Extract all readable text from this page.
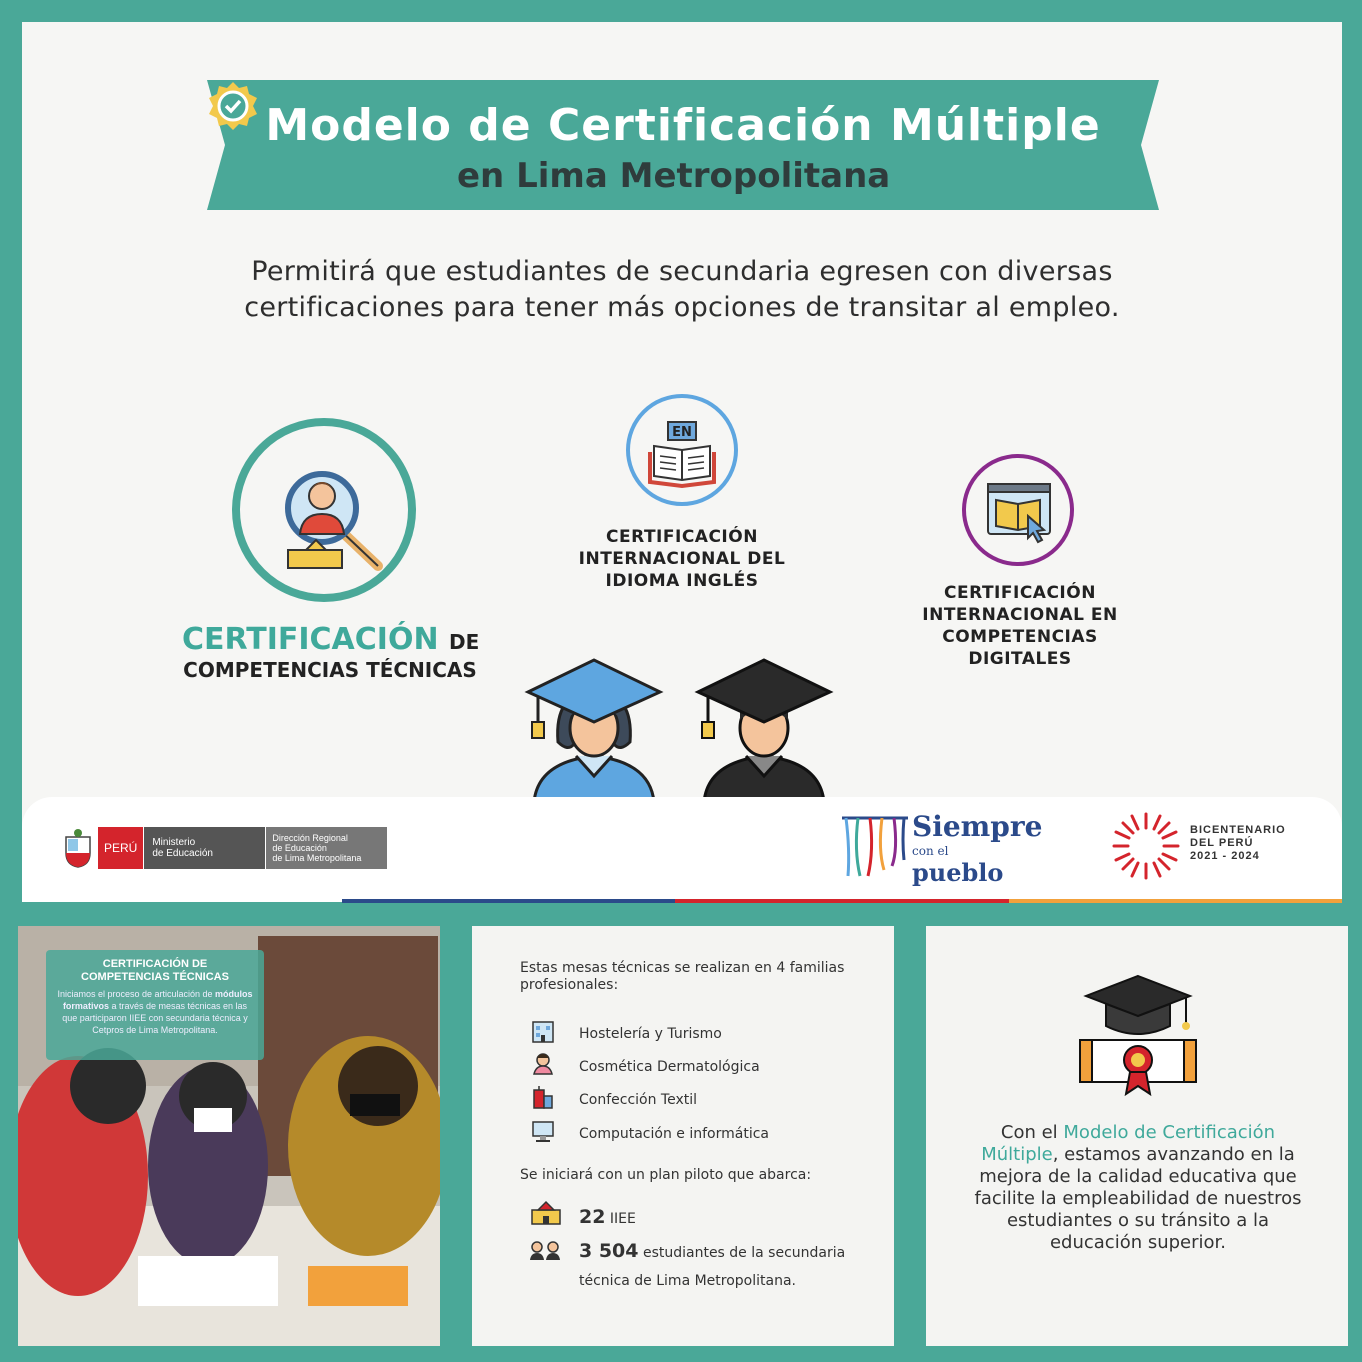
Modelo de Certificación Múltiple
en Lima Metropolitana
Permitirá que estudiantes de secundaria egresen con diversas
certificaciones para tener más opciones de transitar al empleo.
EN
CERTIFICACIÓN DE
COMPETENCIAS TÉCNICAS
CERTIFICACIÓN
INTERNACIONAL DEL
IDIOMA INGLÉS
CERTIFICACIÓN
INTERNACIONAL EN
COMPETENCIAS
DIGITALES
PERÚ	Ministerio
de Educación
Dirección Regional
de Educación
de Lima Metropolitana
Siempre
con el pueblo
BICENTENARIO
DEL PERÚ
2021 - 2024
CERTIFICACIÓN DE
COMPETENCIAS TÉCNICAS
Iniciamos el proceso de articulación de módulos formativos a través de mesas técnicas en las que participaron IIEE con secundaria técnica y Cetpros de Lima Metropolitana.
Estas mesas técnicas se realizan en 4 familias
profesionales:
Hostelería y Turismo
Cosmética Dermatológica
Confección Textil
Computación e informática
Se iniciará con un plan piloto que abarca:
22 IIEE
3 504 estudiantes de la secundaria
técnica de Lima Metropolitana.
Con el Modelo de Certificación Múltiple, estamos avanzando en la mejora de la calidad educativa que facilite la empleabilidad de nuestros estudiantes o su tránsito a la educación superior.
